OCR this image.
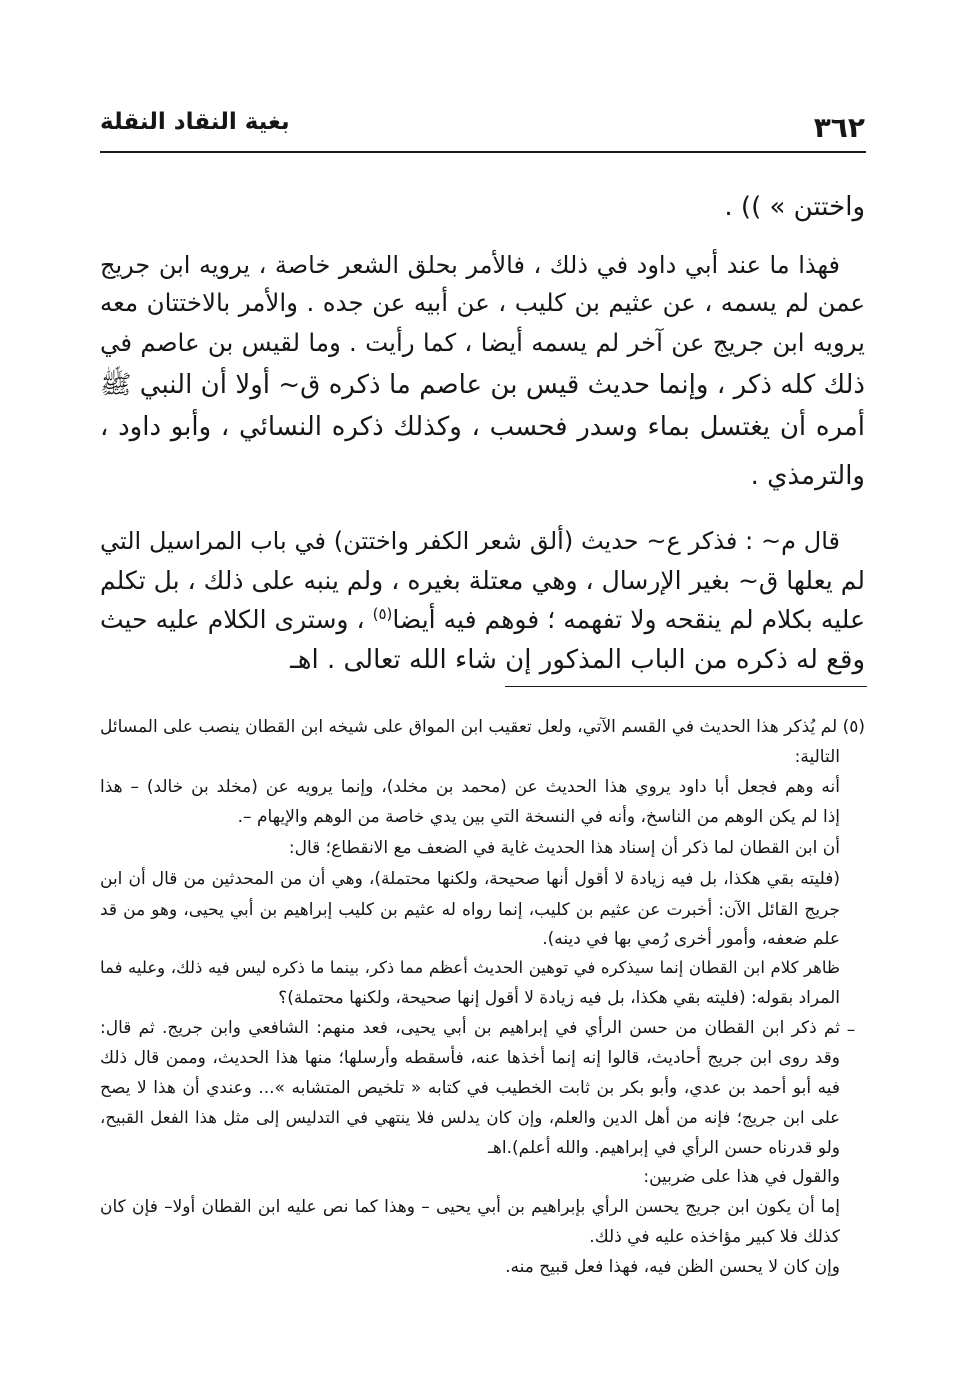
٣٦٢
بغية النقاد النقلة
واختتن » )) .
فهذا ما عند أبي داود في ذلك ، فالأمر بحلق الشعر خاصة ، يرويه ابن جريج
عمن لم يسمه ، عن عثيم بن كليب ، عن أبيه عن جده . والأمر بالاختتان معه
يرويه ابن جريج عن آخر لم يسمه أيضا ، كما رأيت . وما لقيس بن عاصم في
ذلك كله ذكر ، وإنما حديث قيس بن عاصم ما ذكره ق~ أولا أن النبي ﷺ
أمره أن يغتسل بماء وسدر فحسب ، وكذلك ذكره النسائي ، وأبو داود ،
والترمذي .
قال م~ : فذكر ع~ حديث (ألق شعر الكفر واختتن) في باب المراسيل التي
لم يعلها ق~ بغير الإرسال ، وهي معتلة بغيره ، ولم ينبه على ذلك ، بل تكلم
عليه بكلام لم ينقحه ولا تفهمه ؛ فوهم فيه أيضا$^{(٥)}$ ، وسترى الكلام عليه حيث
وقع له ذكره من الباب المذكور إن شاء الله تعالى . اهـ
(٥) لم يُذكر هذا الحديث في القسم الآتي، ولعل تعقيب ابن المواق على شيخه ابن القطان ينصب على المسائل
التالية:
أنه وهم فجعل أبا داود يروي هذا الحديث عن (محمد بن مخلد)، وإنما يرويه عن (مخلد بن خالد) – هذا
إذا لم يكن الوهم من الناسخ، وأنه في النسخة التي بين يدي خاصة من الوهم والإيهام –.
أن ابن القطان لما ذكر أن إسناد هذا الحديث غاية في الضعف مع الانقطاع؛ قال:
(فليته بقي هكذا، بل فيه زيادة لا أقول أنها صحيحة، ولكنها محتملة)، وهي أن من المحدثين من قال أن ابن
جريج القائل الآن: أخبرت عن عثيم بن كليب، إنما رواه له عثيم بن كليب إبراهيم بن أبي يحيى، وهو من قد
علم ضعفه، وأمور أخرى رُمي بها في دينه).
ظاهر كلام ابن القطان إنما سيذكره في توهين الحديث أعظم مما ذكر، بينما ما ذكره ليس فيه ذلك، وعليه فما
المراد بقوله: (فليته بقي هكذا، بل فيه زيادة لا أقول إنها صحيحة، ولكنها محتملة)؟
ثم ذكر ابن القطان من حسن الرأي في إبراهيم بن أبي يحيى، فعد منهم: الشافعي وابن جريج. ثم قال:
وقد روى ابن جريج أحاديث، قالوا إنه إنما أخذها عنه، فأسقطه وأرسلها؛ منها هذا الحديث، وممن قال ذلك
فيه أبو أحمد بن عدي، وأبو بكر بن ثابت الخطيب في كتابه « تلخيص المتشابه »... وعندي أن هذا لا يصح
على ابن جريج؛ فإنه من أهل الدين والعلم، وإن كان يدلس فلا ينتهي في التدليس إلى مثل هذا الفعل القبيح،
ولو قدرناه حسن الرأي في إبراهيم. والله أعلم).اهـ
والقول في هذا على ضربين:
إما أن يكون ابن جريج يحسن الرأي بإبراهيم بن أبي يحيى – وهذا كما نص عليه ابن القطان أولا– فإن كان
كذلك فلا كبير مؤاخذه عليه في ذلك.
وإن كان لا يحسن الظن فيه، فهذا فعل قبيح منه.
–
